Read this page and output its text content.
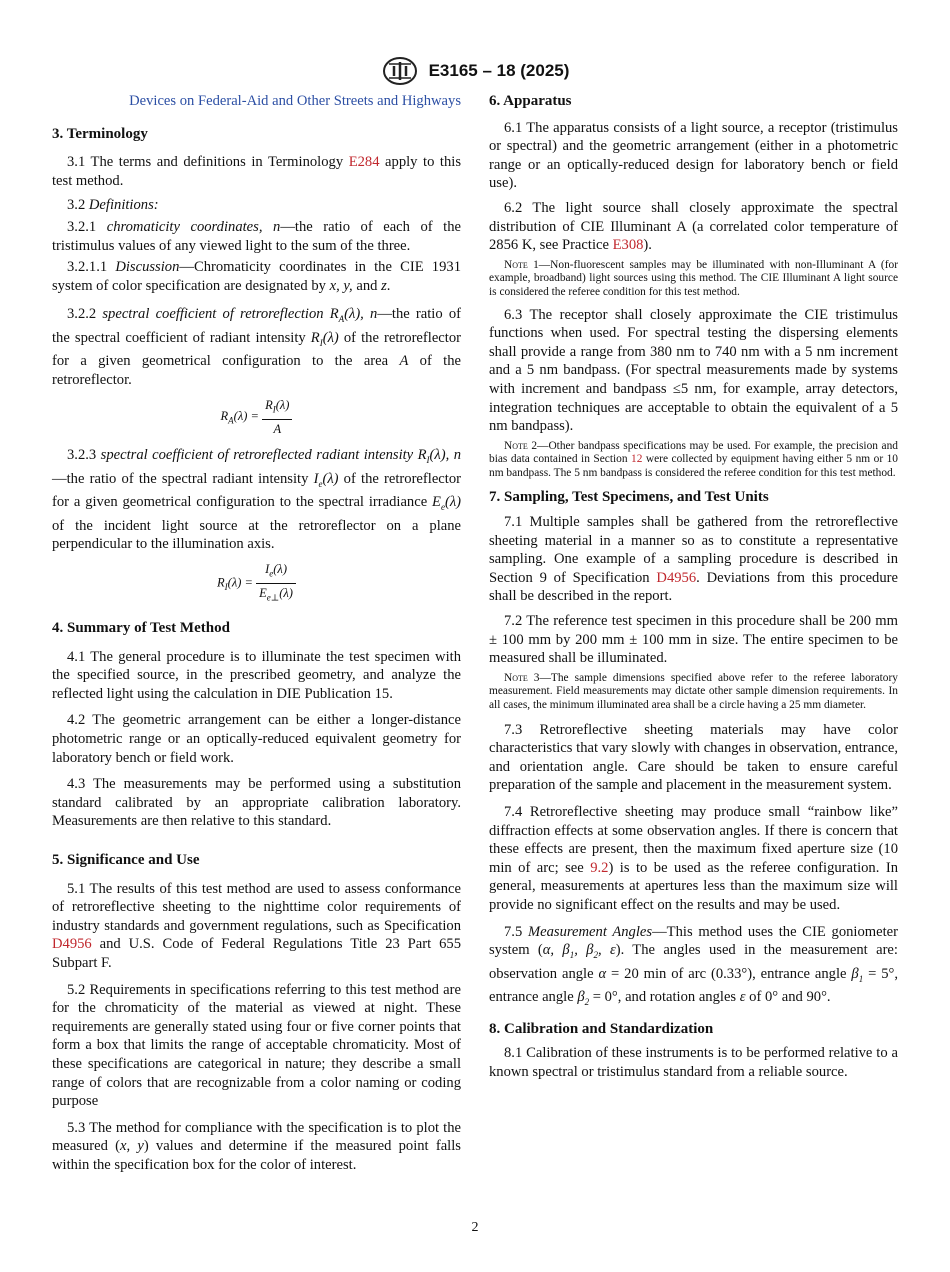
E3165 – 18 (2025)

Devices on Federal-Aid and Other Streets and Highways

3. Terminology

3.1 The terms and definitions in Terminology E284 apply to this test method.

3.2 Definitions:

3.2.1 chromaticity coordinates, n—the ratio of each of the tristimulus values of any viewed light to the sum of the three.

3.2.1.1 Discussion—Chromaticity coordinates in the CIE 1931 system of color specification are designated by x, y, and z.

3.2.2 spectral coefficient of retroreflection $R_A(\lambda)$, n—the ratio of the spectral coefficient of radiant intensity $R_I(\lambda)$ of the retroreflector for a given geometrical configuration to the area A of the retroreflector.

$R_A(\lambda) = \frac{R_I(\lambda)}{A}$

3.2.3 spectral coefficient of retroreflected radiant intensity $R_I(\lambda)$, n—the ratio of the spectral radiant intensity $I_e(\lambda)$ of the retroreflector for a given geometrical configuration to the spectral irradiance $E_e(\lambda)$ of the incident light source at the retroreflector on a plane perpendicular to the illumination axis.

$R_I(\lambda) = \frac{I_e(\lambda)}{E_{e\perp}(\lambda)}$

4. Summary of Test Method

4.1 The general procedure is to illuminate the test specimen with the specified source, in the prescribed geometry, and analyze the reflected light using the calculation in DIE Publication 15.

4.2 The geometric arrangement can be either a longer-distance photometric range or an optically-reduced equivalent geometry for laboratory bench or field work.

4.3 The measurements may be performed using a substitution standard calibrated by an appropriate calibration laboratory. Measurements are then relative to this standard.

5. Significance and Use

5.1 The results of this test method are used to assess conformance of retroreflective sheeting to the nighttime color requirements of industry standards and government regulations, such as Specification D4956 and U.S. Code of Federal Regulations Title 23 Part 655 Subpart F.

5.2 Requirements in specifications referring to this test method are for the chromaticity of the material as viewed at night. These requirements are generally stated using four or five corner points that form a box that limits the range of acceptable chromaticity. Most of these specifications are categorical in nature; they describe a small range of colors that are recognizable from a color naming or coding purpose

5.3 The method for compliance with the specification is to plot the measured (x, y) values and determine if the measured point falls within the specification box for the color of interest.

6. Apparatus

6.1 The apparatus consists of a light source, a receptor (tristimulus or spectral) and the geometric arrangement (either in a photometric range or an optically-reduced design for laboratory bench or field use).

6.2 The light source shall closely approximate the spectral distribution of CIE Illuminant A (a correlated color temperature of 2856 K, see Practice E308).

Note 1—Non-fluorescent samples may be illuminated with non-Illuminant A (for example, broadband) light sources using this method. The CIE Illuminant A light source is considered the referee condition for this test method.

6.3 The receptor shall closely approximate the CIE tristimulus functions when used. For spectral testing the dispersing elements shall provide a range from 380 nm to 740 nm with a 5 nm increment and a 5 nm bandpass. (For spectral measurements made by systems with increment and bandpass ≤5 nm, for example, array detectors, integration techniques are acceptable to obtain the equivalent of a 5 nm bandpass).

Note 2—Other bandpass specifications may be used. For example, the precision and bias data contained in Section 12 were collected by equipment having either 5 nm or 10 nm bandpass. The 5 nm bandpass is considered the referee condition for this test method.

7. Sampling, Test Specimens, and Test Units

7.1 Multiple samples shall be gathered from the retroreflective sheeting material in a manner so as to constitute a representative sampling. One example of a sampling procedure is described in Section 9 of Specification D4956. Deviations from this procedure shall be described in the report.

7.2 The reference test specimen in this procedure shall be 200 mm ± 100 mm by 200 mm ± 100 mm in size. The entire specimen to be measured shall be illuminated.

Note 3—The sample dimensions specified above refer to the referee laboratory measurement. Field measurements may dictate other sample dimension requirements. In all cases, the minimum illuminated area shall be a circle having a 25 mm diameter.

7.3 Retroreflective sheeting materials may have color characteristics that vary slowly with changes in observation, entrance, and orientation angle. Care should be taken to ensure careful preparation of the sample and placement in the measurement system.

7.4 Retroreflective sheeting may produce small “rainbow like” diffraction effects at some observation angles. If there is concern that these effects are present, then the maximum fixed aperture size (10 min of arc; see 9.2) is to be used as the referee configuration. In general, measurements at apertures less than the maximum size will provide no significant effect on the results and may be used.

7.5 Measurement Angles—This method uses the CIE goniometer system (α, $\beta_1$, $\beta_2$, ε). The angles used in the measurement are: observation angle α = 20 min of arc (0.33°), entrance angle $\beta_1 = 5^\circ$, entrance angle $\beta_2 = 0^\circ$, and rotation angles ε of 0° and 90°.

8. Calibration and Standardization

8.1 Calibration of these instruments is to be performed relative to a known spectral or tristimulus standard from a reliable source.

2
